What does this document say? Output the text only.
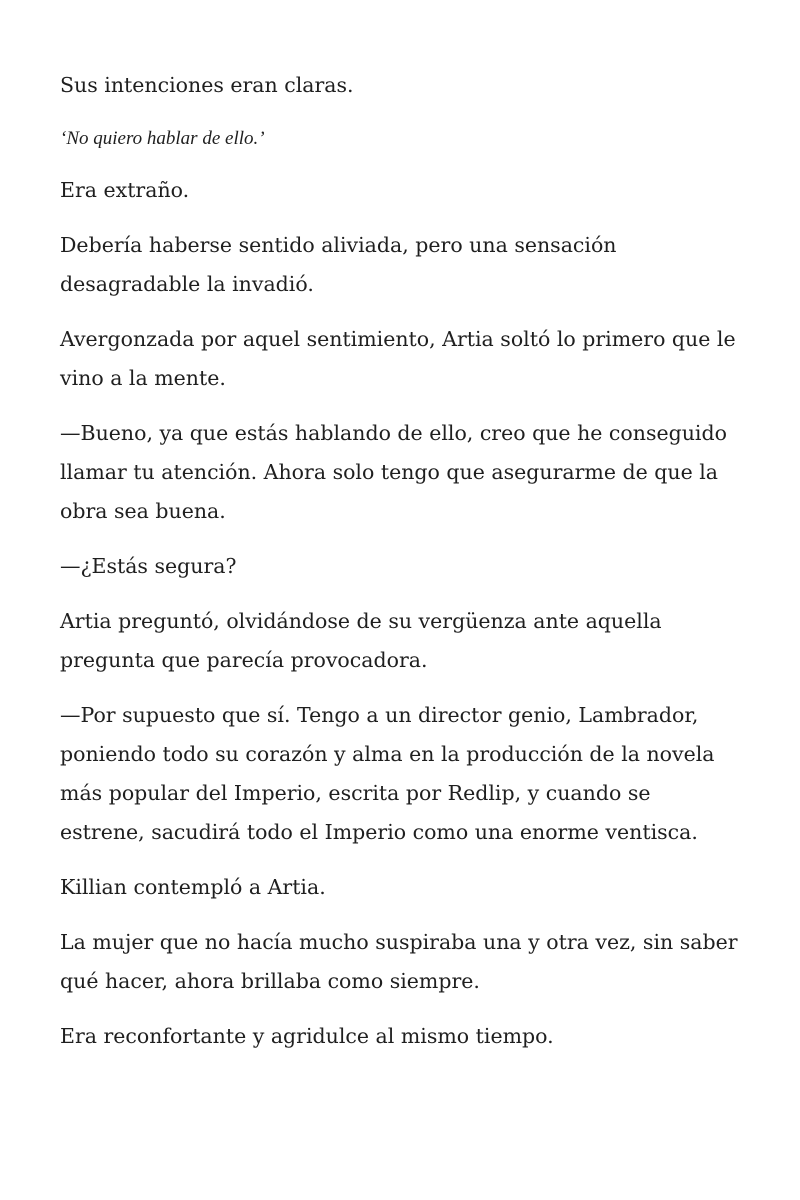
Sus intenciones eran claras.

‘No quiero hablar de ello.’

Era extraño.

Debería haberse sentido aliviada, pero una sensación desagradable la invadió.

Avergonzada por aquel sentimiento, Artia soltó lo primero que le vino a la mente.

—Bueno, ya que estás hablando de ello, creo que he conseguido llamar tu atención. Ahora solo tengo que asegurarme de que la obra sea buena.

—¿Estás segura?

Artia preguntó, olvidándose de su vergüenza ante aquella pregunta que parecía provocadora.

—Por supuesto que sí. Tengo a un director genio, Lambrador, poniendo todo su corazón y alma en la producción de la novela más popular del Imperio, escrita por Redlip, y cuando se estrene, sacudirá todo el Imperio como una enorme ventisca.

Killian contempló a Artia.

La mujer que no hacía mucho suspiraba una y otra vez, sin saber qué hacer, ahora brillaba como siempre.

Era reconfortante y agridulce al mismo tiempo.
